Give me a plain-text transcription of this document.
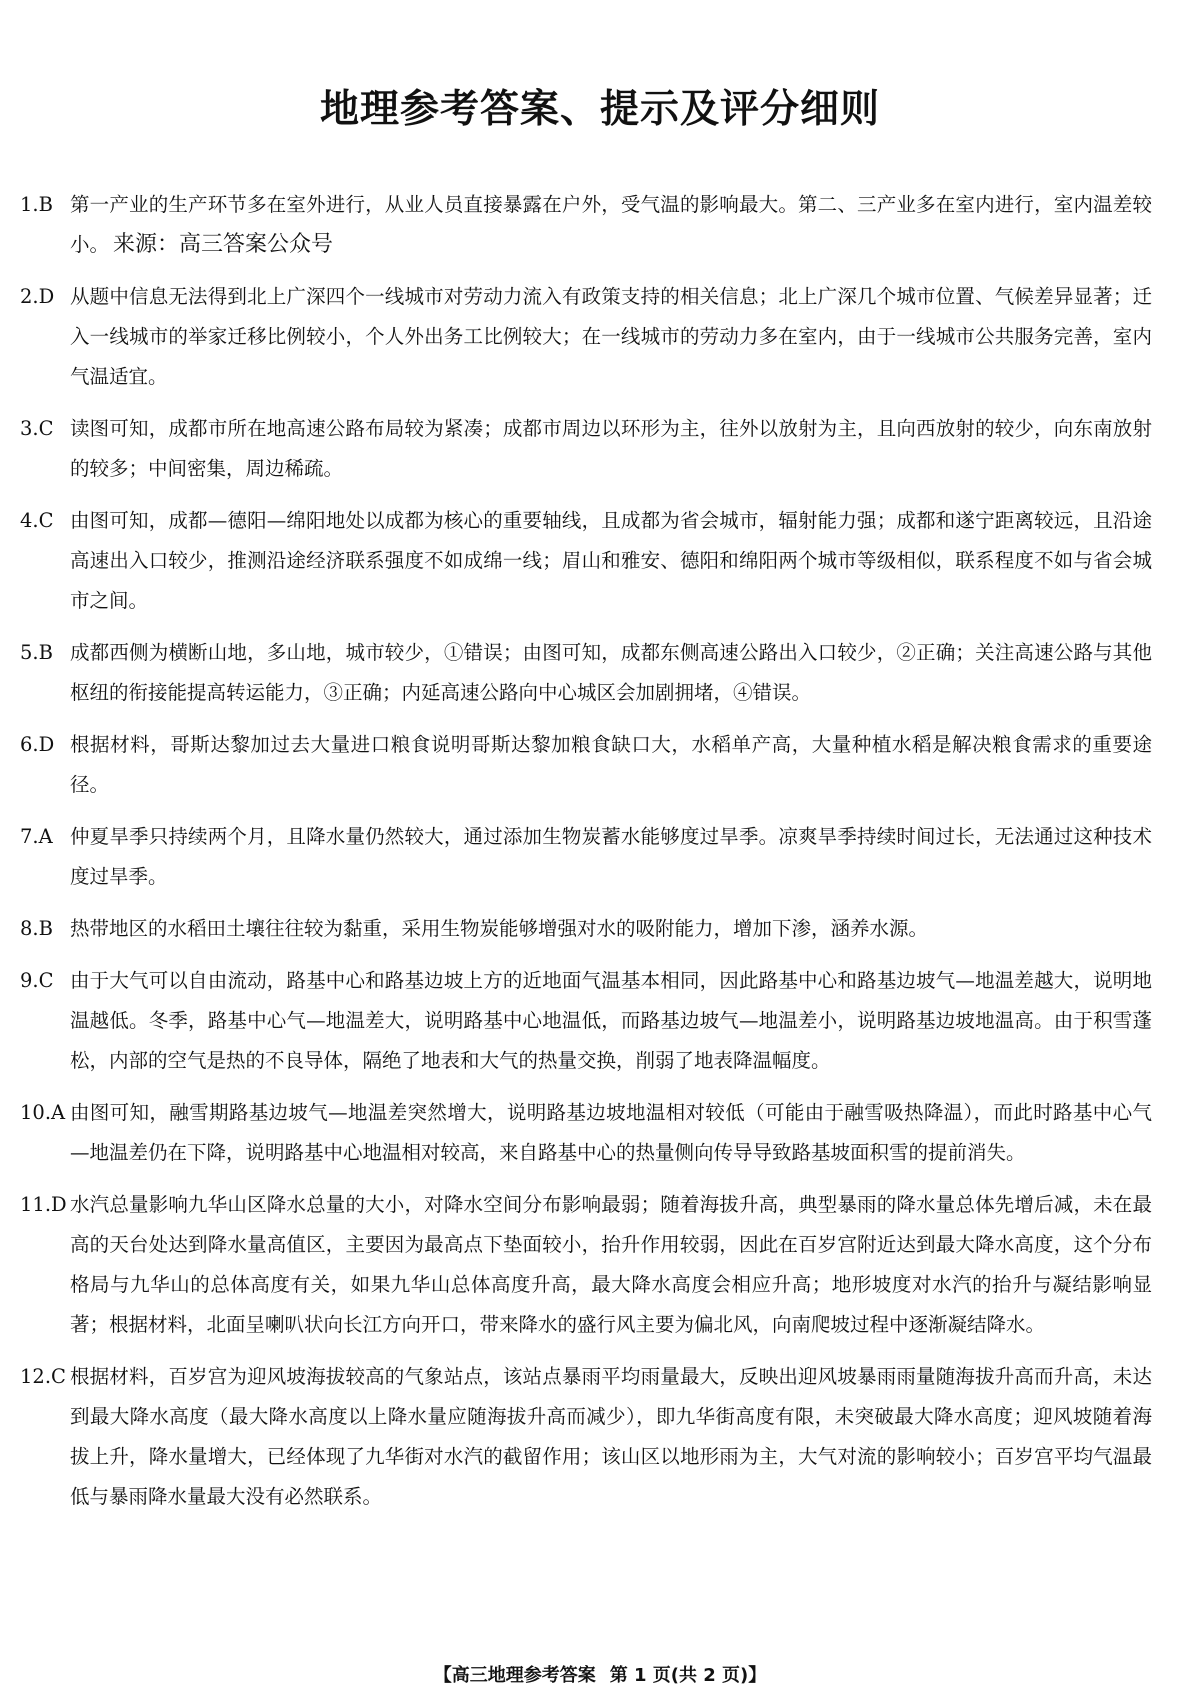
地理参考答案、提示及评分细则
1.B 第一产业的生产环节多在室外进行，从业人员直接暴露在户外，受气温的影响最大。第二、三产业多在室内进行，室内温差较小。 来源：高三答案公众号
2.D 从题中信息无法得到北上广深四个一线城市对劳动力流入有政策支持的相关信息；北上广深几个城市位置、气候差异显著；迁入一线城市的举家迁移比例较小，个人外出务工比例较大；在一线城市的劳动力多在室内，由于一线城市公共服务完善，室内气温适宜。
3.C 读图可知，成都市所在地高速公路布局较为紧凑；成都市周边以环形为主，往外以放射为主，且向西放射的较少，向东南放射的较多；中间密集，周边稀疏。
4.C 由图可知，成都—德阳—绵阳地处以成都为核心的重要轴线，且成都为省会城市，辐射能力强；成都和遂宁距离较远，且沿途高速出入口较少，推测沿途经济联系强度不如成绵一线；眉山和雅安、德阳和绵阳两个城市等级相似，联系程度不如与省会城市之间。
5.B 成都西侧为横断山地，多山地，城市较少，①错误；由图可知，成都东侧高速公路出入口较少，②正确；关注高速公路与其他枢纽的衔接能提高转运能力，③正确；内延高速公路向中心城区会加剧拥堵，④错误。
6.D 根据材料，哥斯达黎加过去大量进口粮食说明哥斯达黎加粮食缺口大，水稻单产高，大量种植水稻是解决粮食需求的重要途径。
7.A 仲夏旱季只持续两个月，且降水量仍然较大，通过添加生物炭蓄水能够度过旱季。凉爽旱季持续时间过长，无法通过这种技术度过旱季。
8.B 热带地区的水稻田土壤往往较为黏重，采用生物炭能够增强对水的吸附能力，增加下渗，涵养水源。
9.C 由于大气可以自由流动，路基中心和路基边坡上方的近地面气温基本相同，因此路基中心和路基边坡气—地温差越大，说明地温越低。冬季，路基中心气—地温差大，说明路基中心地温低，而路基边坡气—地温差小，说明路基边坡地温高。由于积雪蓬松，内部的空气是热的不良导体，隔绝了地表和大气的热量交换，削弱了地表降温幅度。
10.A 由图可知，融雪期路基边坡气—地温差突然增大，说明路基边坡地温相对较低（可能由于融雪吸热降温），而此时路基中心气—地温差仍在下降，说明路基中心地温相对较高，来自路基中心的热量侧向传导导致路基坡面积雪的提前消失。
11.D 水汽总量影响九华山区降水总量的大小，对降水空间分布影响最弱；随着海拔升高，典型暴雨的降水量总体先增后减，未在最高的天台处达到降水量高值区，主要因为最高点下垫面较小，抬升作用较弱，因此在百岁宫附近达到最大降水高度，这个分布格局与九华山的总体高度有关，如果九华山总体高度升高，最大降水高度会相应升高；地形坡度对水汽的抬升与凝结影响显著；根据材料，北面呈喇叭状向长江方向开口，带来降水的盛行风主要为偏北风，向南爬坡过程中逐渐凝结降水。
12.C 根据材料，百岁宫为迎风坡海拔较高的气象站点，该站点暴雨平均雨量最大，反映出迎风坡暴雨雨量随海拔升高而升高，未达到最大降水高度（最大降水高度以上降水量应随海拔升高而减少），即九华街高度有限，未突破最大降水高度；迎风坡随着海拔上升，降水量增大，已经体现了九华街对水汽的截留作用；该山区以地形雨为主，大气对流的影响较小；百岁宫平均气温最低与暴雨降水量最大没有必然联系。
【高三地理参考答案 第 1 页(共 2 页)】
